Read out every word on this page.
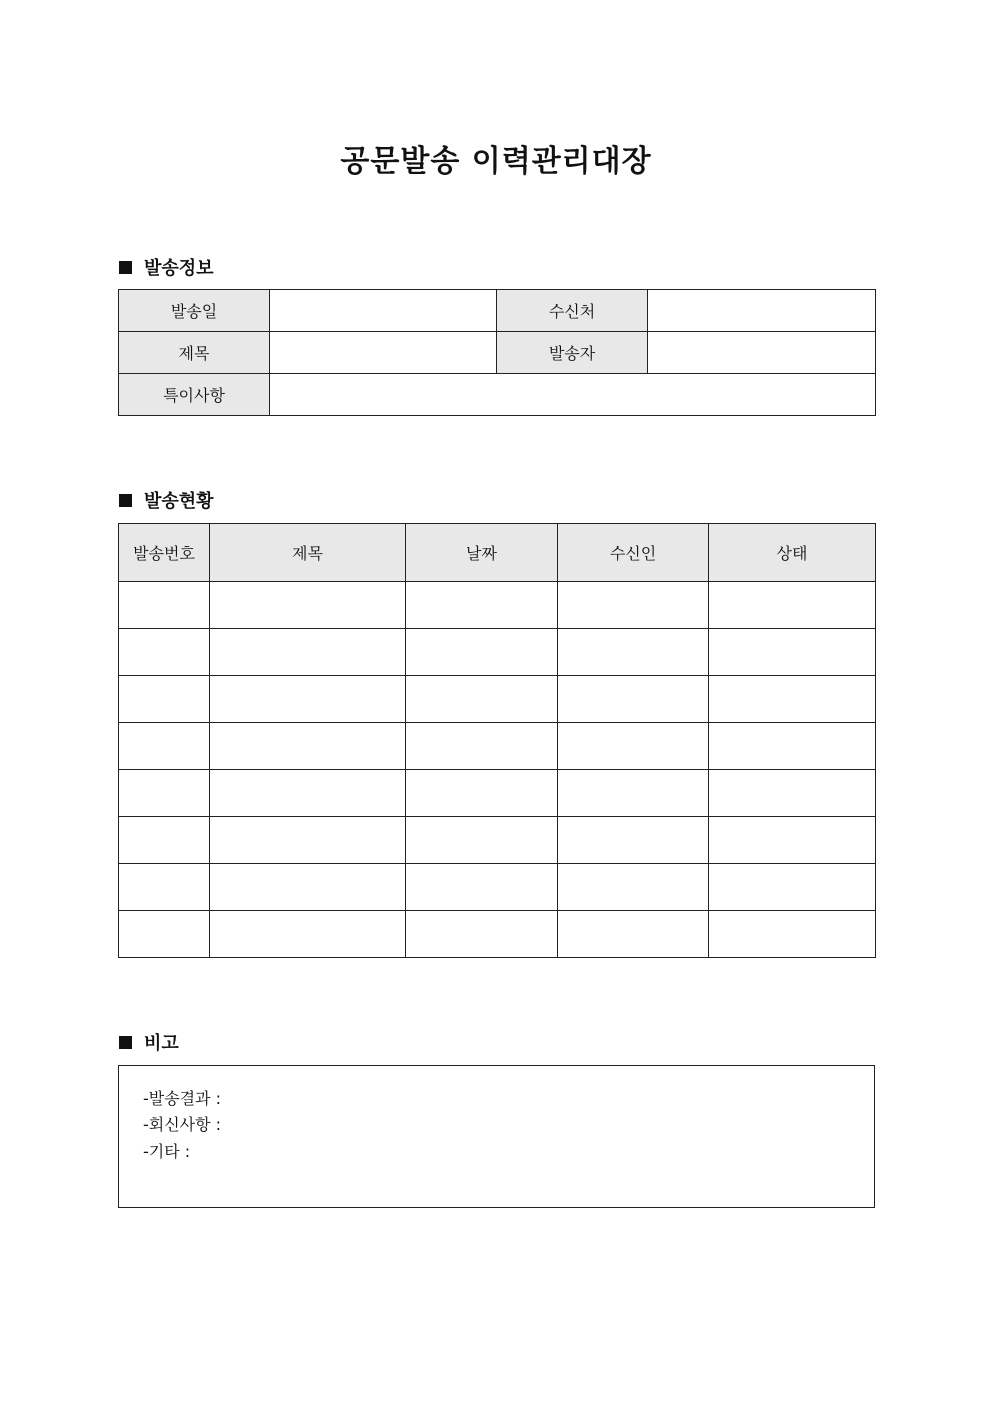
공문발송 이력관리대장
발송정보
발송일		수신처	
제목		발송자	
특이사항			
발송현황
발송번호	제목	날짜	수신인	상태

비고
-발송결과 :
-회신사항 :
-기타 :
